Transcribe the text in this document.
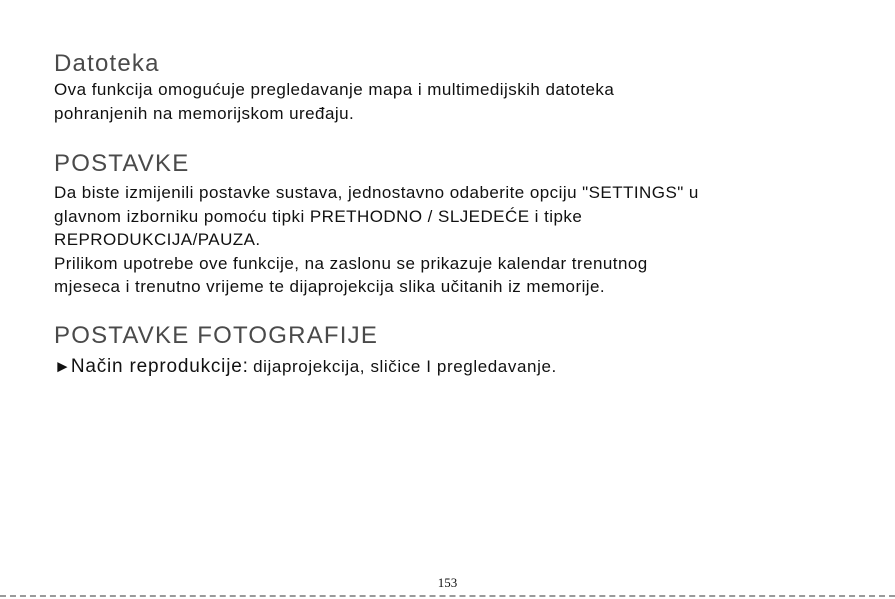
Datoteka

Ova funkcija omogućuje pregledavanje mapa i multimedijskih datoteka
pohranjenih na memorijskom uređaju.

POSTAVKE

Da biste izmijenili postavke sustava, jednostavno odaberite opciju "SETTINGS" u
glavnom izborniku pomoću tipki PRETHODNO / SLJEDEĆE i tipke
REPRODUKCIJA/PAUZA.
Prilikom upotrebe ove funkcije, na zaslonu se prikazuje kalendar trenutnog
mjeseca i trenutno vrijeme te dijaprojekcija slika učitanih iz memorije.

POSTAVKE FOTOGRAFIJE

►Način reprodukcije: dijaprojekcija, sličice I pregledavanje.

153
